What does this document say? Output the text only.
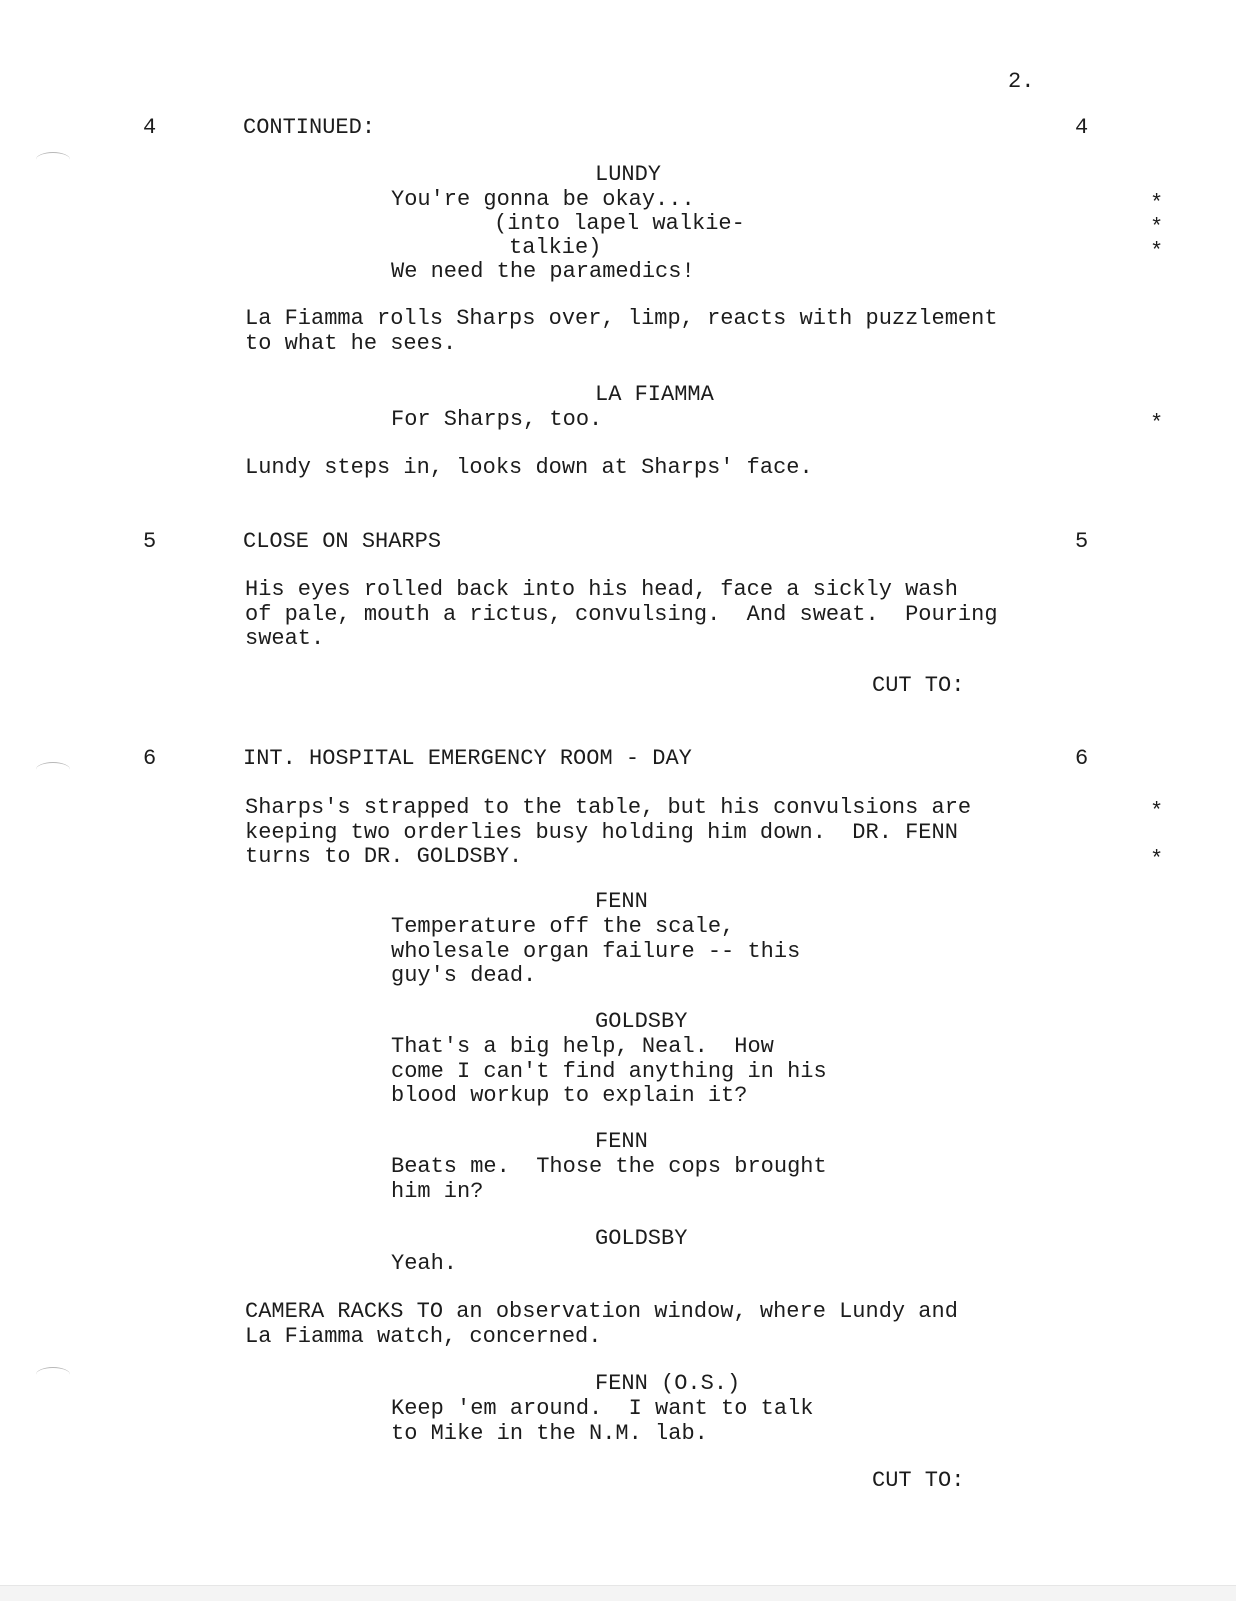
2.
4	CONTINUED:	4
LUNDY
You're gonna be okay...
(into lapel walkie-
talkie)
We need the paramedics!
La Fiamma rolls Sharps over, limp, reacts with puzzlement
to what he sees.
LA FIAMMA
For Sharps, too.
Lundy steps in, looks down at Sharps' face.
5	CLOSE ON SHARPS	5
His eyes rolled back into his head, face a sickly wash
of pale, mouth a rictus, convulsing.  And sweat.  Pouring
sweat.
CUT TO:
6	INT. HOSPITAL EMERGENCY ROOM - DAY	6
Sharps's strapped to the table, but his convulsions are
keeping two orderlies busy holding him down.  DR. FENN
turns to DR. GOLDSBY.
FENN
Temperature off the scale,
wholesale organ failure -- this
guy's dead.
GOLDSBY
That's a big help, Neal.  How
come I can't find anything in his
blood workup to explain it?
FENN
Beats me.  Those the cops brought
him in?
GOLDSBY
Yeah.
CAMERA RACKS TO an observation window, where Lundy and
La Fiamma watch, concerned.
FENN (O.S.)
Keep 'em around.  I want to talk
to Mike in the N.M. lab.
CUT TO:
*
*
*
*
*
*
